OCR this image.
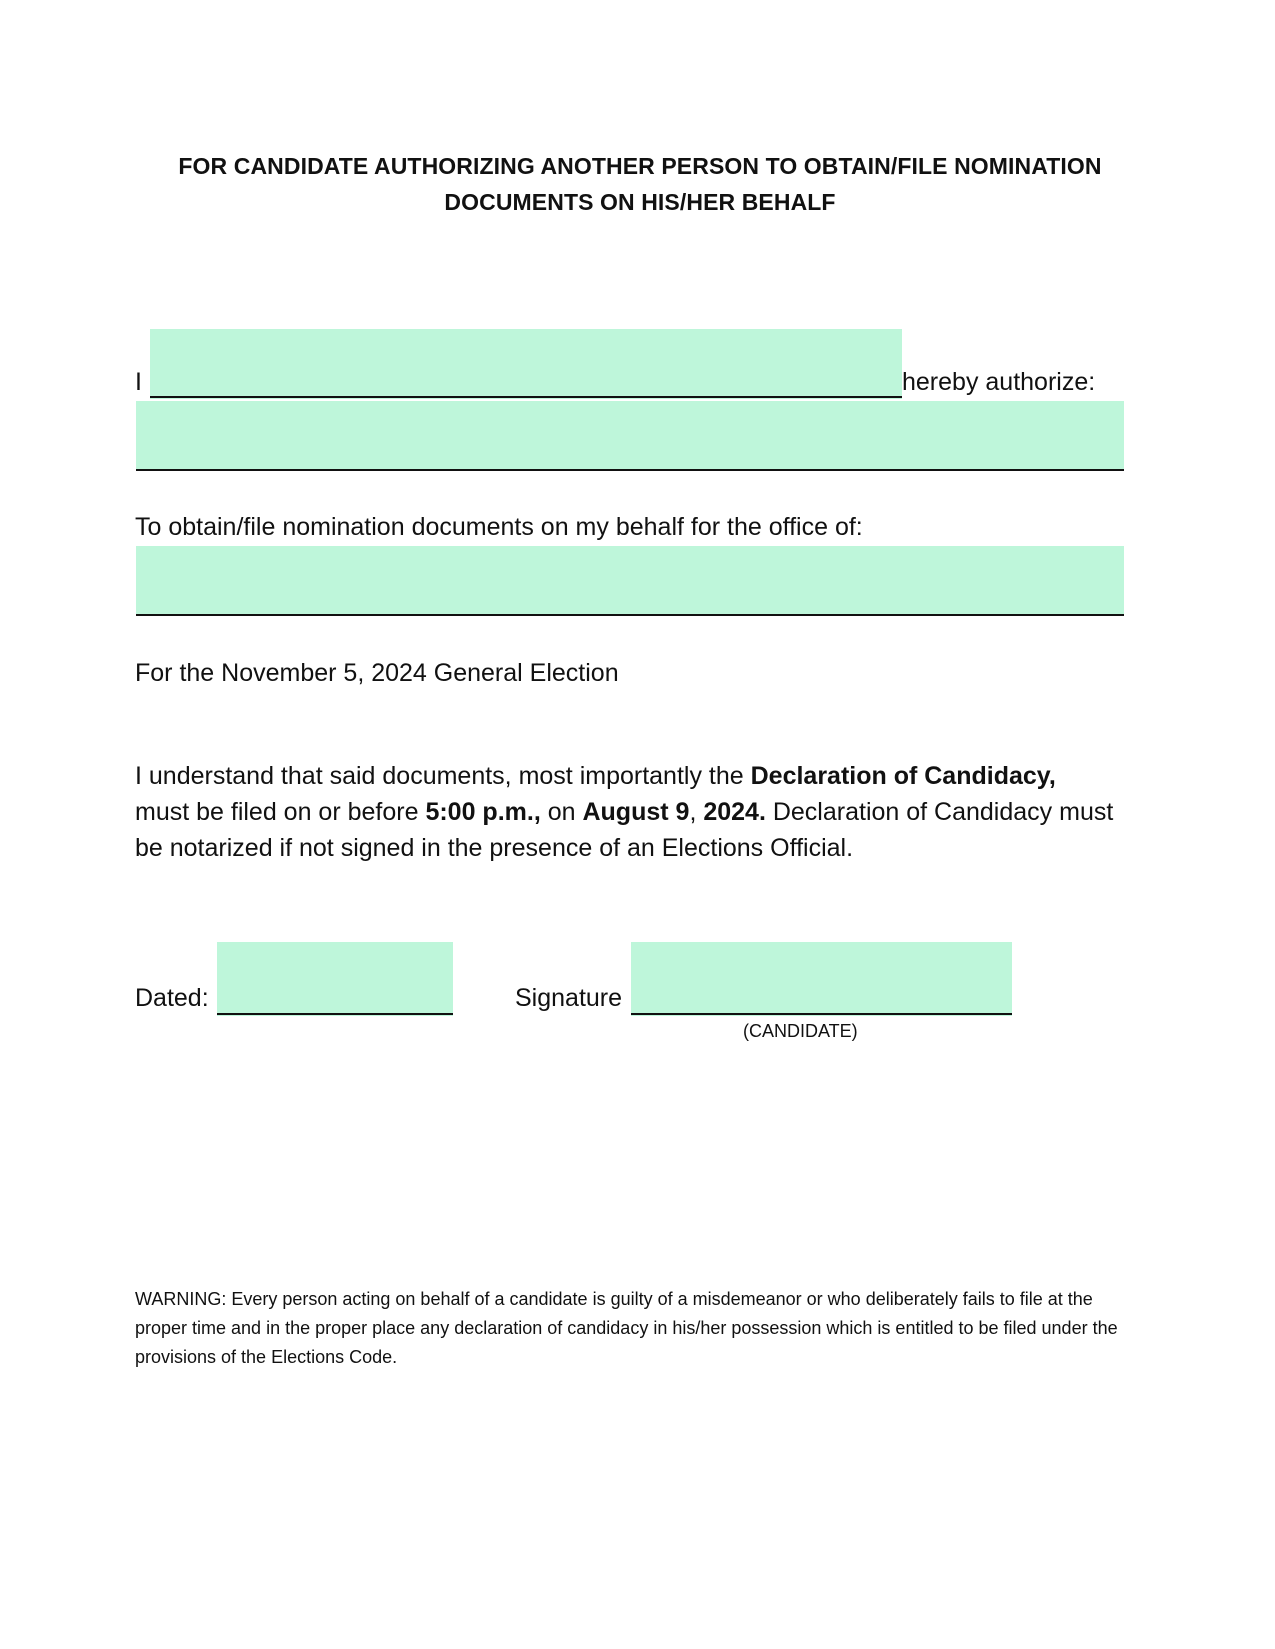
FOR CANDIDATE AUTHORIZING ANOTHER PERSON TO OBTAIN/FILE NOMINATION
DOCUMENTS ON HIS/HER BEHALF
I	hereby authorize:
To obtain/file nomination documents on my behalf for the office of:
For the November 5, 2024 General Election
I understand that said documents, most importantly the Declaration of Candidacy,
must be filed on or before 5:00 p.m., on August 9, 2024. Declaration of Candidacy must be notarized if not signed in the presence of an Elections Official.
Dated:	Signature
(CANDIDATE)
WARNING: Every person acting on behalf of a candidate is guilty of a misdemeanor or who deliberately fails to file at the proper time and in the proper place any declaration of candidacy in his/her possession which is entitled to be filed under the provisions of the Elections Code.
